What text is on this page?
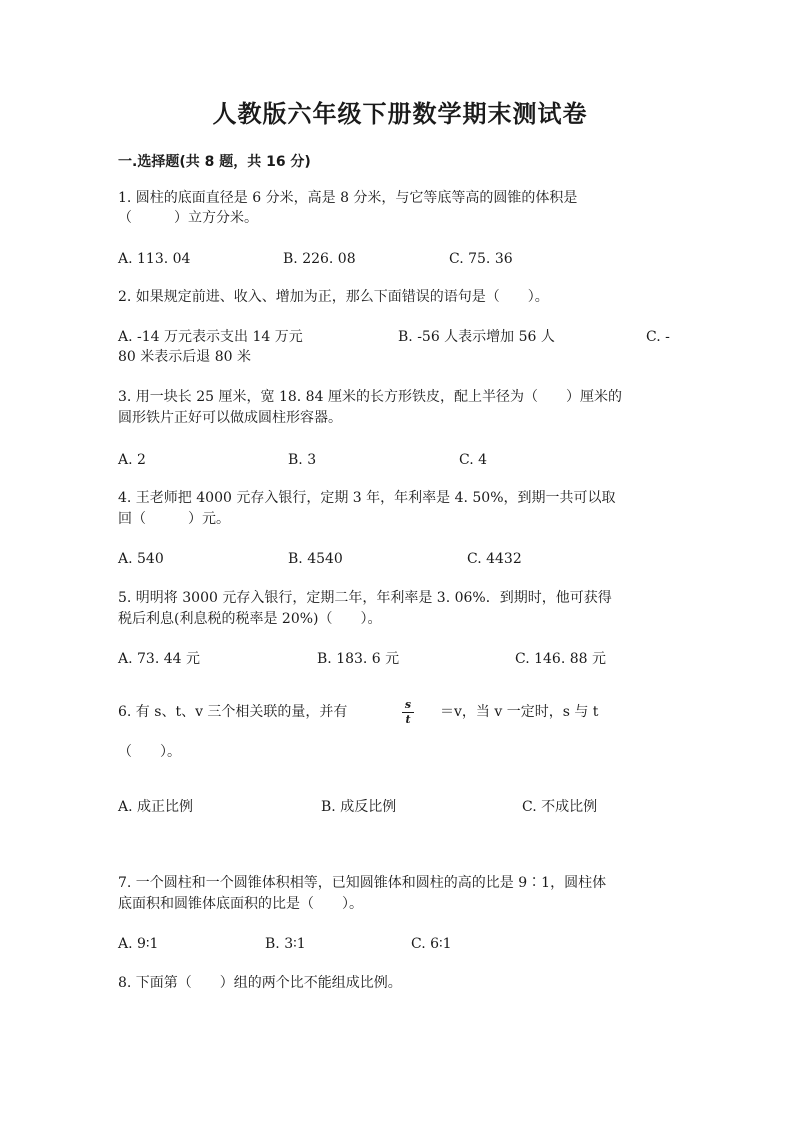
人教版六年级下册数学期末测试卷
一.选择题(共 8 题，共 16 分)
1. 圆柱的底面直径是 6 分米，高是 8 分米，与它等底等高的圆锥的体积是
（　　　）立方分米。
A. 113. 04	B. 226. 08	C. 75. 36
2. 如果规定前进、收入、增加为正，那么下面错误的语句是（　　）。
A. -14 万元表示支出 14 万元	B. -56 人表示增加 56 人	C. -
80 米表示后退 80 米
3. 用一块长 25 厘米，宽 18. 84 厘米的长方形铁皮，配上半径为（　　）厘米的
圆形铁片正好可以做成圆柱形容器。
A. 2	B. 3	C. 4
4. 王老师把 4000 元存入银行，定期 3 年，年利率是 4. 50%，到期一共可以取
回（　　　）元。
A. 540	B. 4540	C. 4432
5. 明明将 3000 元存入银行，定期二年，年利率是 3. 06%．到期时，他可获得
税后利息(利息税的税率是 20%)（　　）。
A. 73. 44 元	B. 183. 6 元	C. 146. 88 元
6. 有 s、t、v 三个相关联的量，并有	s
t	＝v，当 v 一定时，s 与 t
（　　）。
A. 成正比例	B. 成反比例	C. 不成比例
7. 一个圆柱和一个圆锥体积相等，已知圆锥体和圆柱的高的比是 9∶1，圆柱体
底面积和圆锥体底面积的比是（　　）。
A. 9∶1	B. 3∶1	C. 6∶1
8. 下面第（　　）组的两个比不能组成比例。
